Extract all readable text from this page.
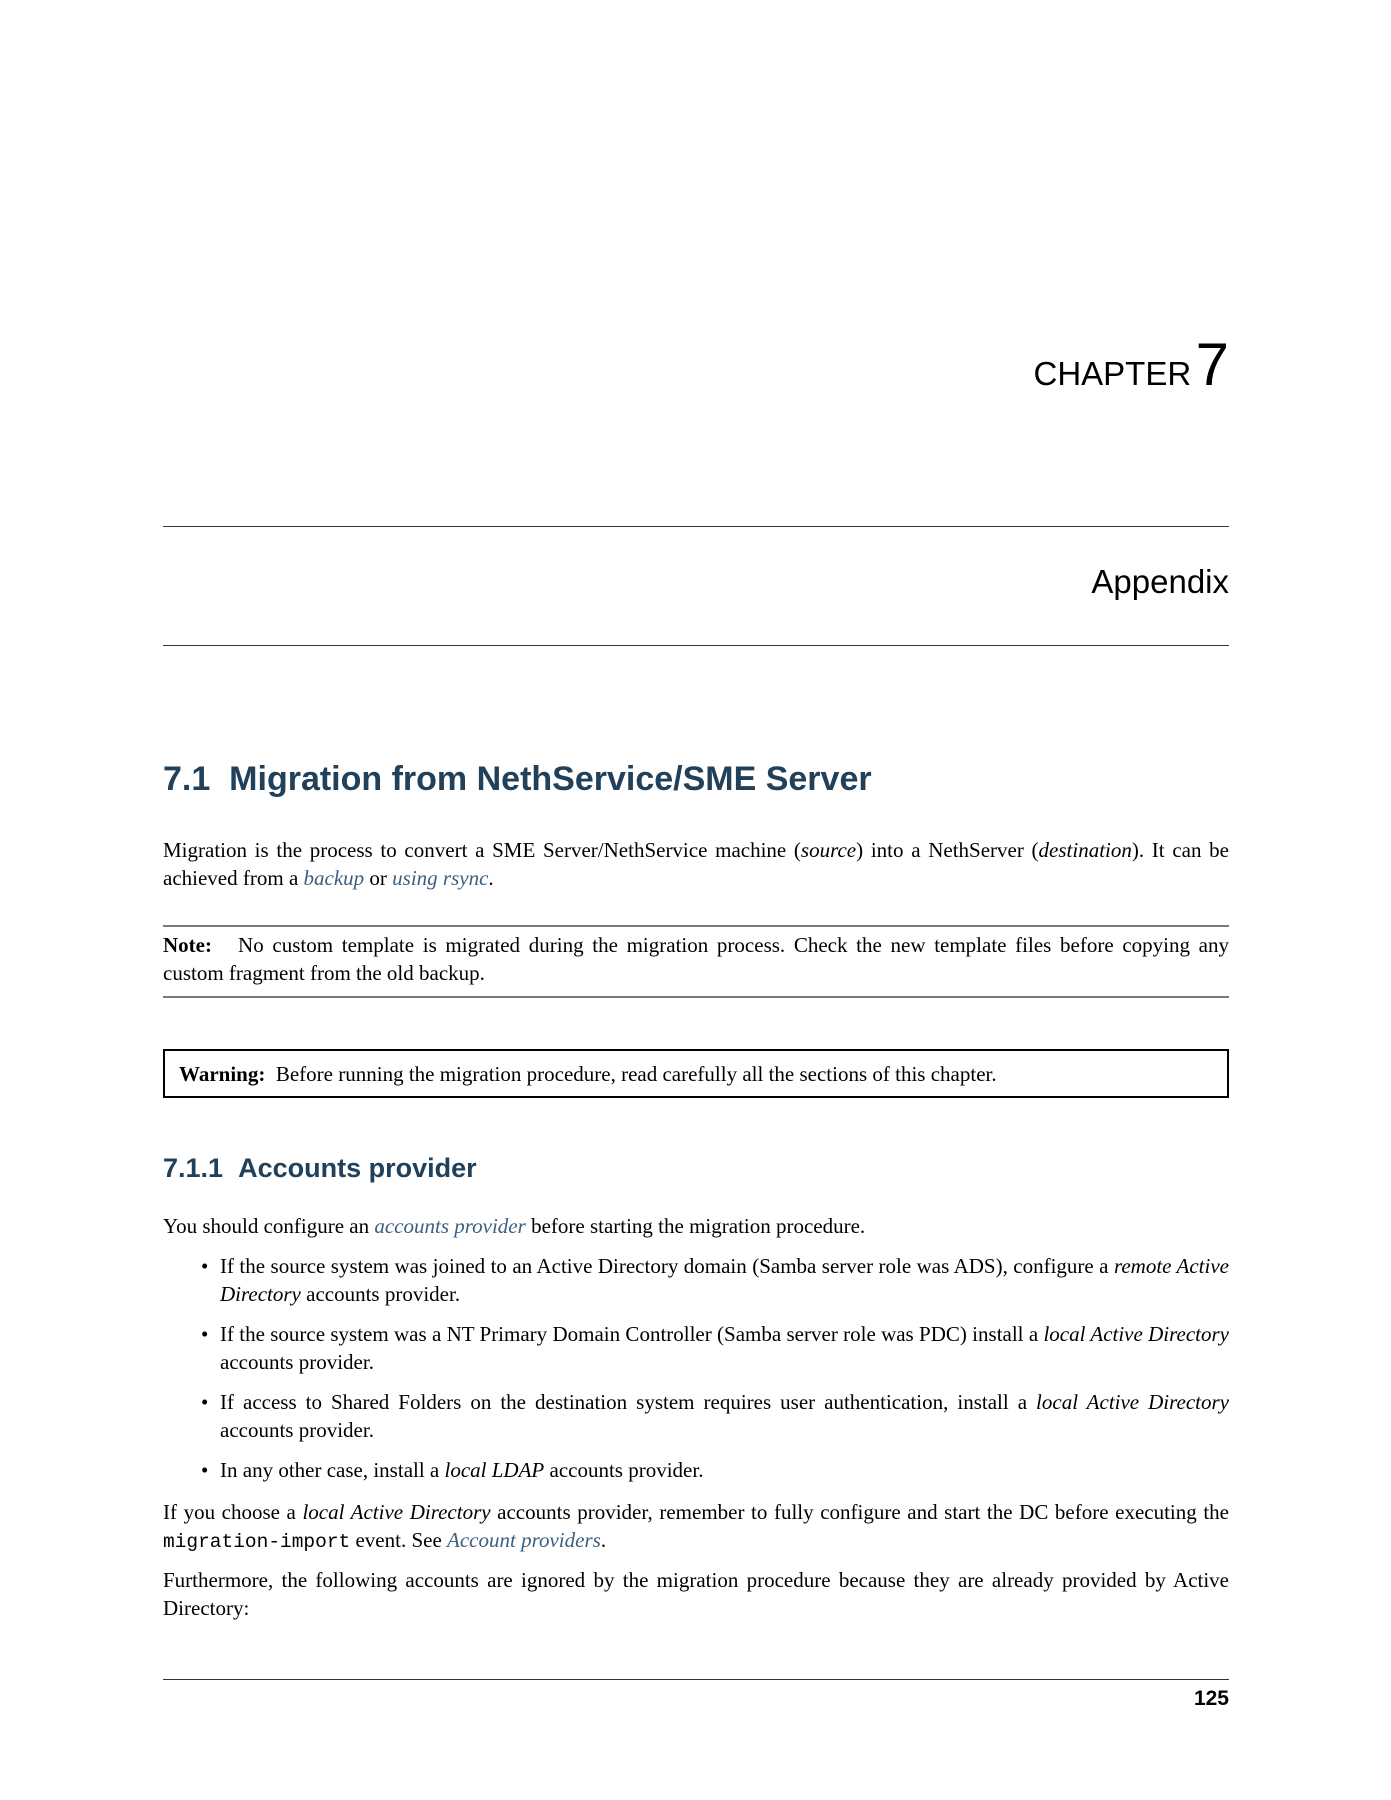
CHAPTER 7
Appendix
7.1 Migration from NethService/SME Server
Migration is the process to convert a SME Server/NethService machine (source) into a NethServer (destination). It can be achieved from a backup or using rsync.
Note: No custom template is migrated during the migration process. Check the new template files before copying any custom fragment from the old backup.
Warning: Before running the migration procedure, read carefully all the sections of this chapter.
7.1.1 Accounts provider
You should configure an accounts provider before starting the migration procedure.
• If the source system was joined to an Active Directory domain (Samba server role was ADS), configure a remote Active Directory accounts provider.
• If the source system was a NT Primary Domain Controller (Samba server role was PDC) install a local Active Directory accounts provider.
• If access to Shared Folders on the destination system requires user authentication, install a local Active Directory accounts provider.
• In any other case, install a local LDAP accounts provider.
If you choose a local Active Directory accounts provider, remember to fully configure and start the DC before executing the migration-import event. See Account providers.
Furthermore, the following accounts are ignored by the migration procedure because they are already provided by Active Directory:
125
